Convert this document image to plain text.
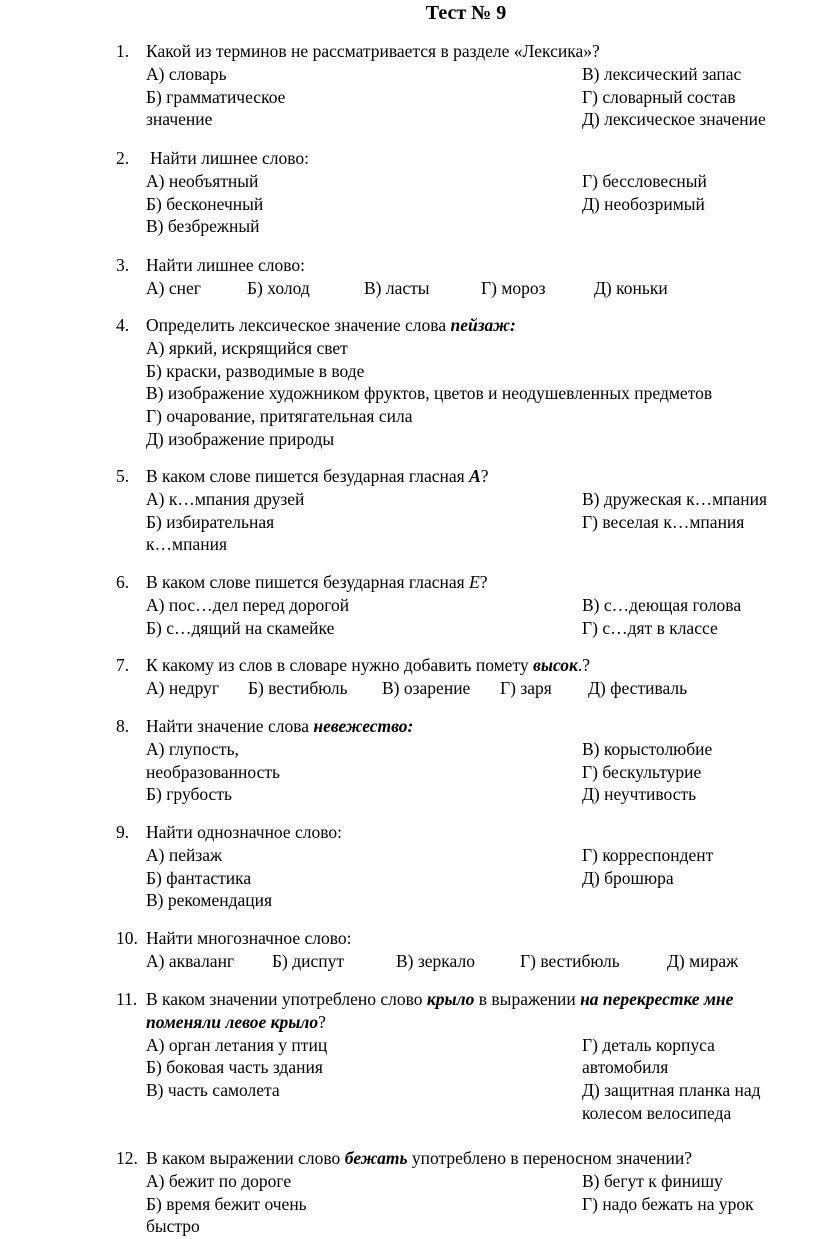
Тест № 9
1. Какой из терминов не рассматривается в разделе «Лексика»?
А) словарь	В) лексический запас
Б) грамматическое	Г) словарный состав
значение	Д) лексическое значение
2. Найти лишнее слово:
А) необъятный	Г) бессловесный
Б) бесконечный	Д) необозримый
В) безбрежный
3. Найти лишнее слово:
А) снег	Б) холод	В) ласты	Г) мороз	Д) коньки
4. Определить лексическое значение слова пейзаж:
А) яркий, искрящийся свет
Б) краски, разводимые в воде
В) изображение художником фруктов, цветов и неодушевленных предметов
Г) очарование, притягательная сила
Д) изображение природы
5. В каком слове пишется безударная гласная А?
А) к…мпания друзей	В) дружеская к…мпания
Б) избирательная	Г) веселая к…мпания
к…мпания
6. В каком слове пишется безударная гласная Е?
А) пос…дел перед дорогой	В) с…деющая голова
Б) с…дящий на скамейке	Г) с…дят в классе
7. К какому из слов в словаре нужно добавить помету высок.?
А) недруг Б) вестибюль В) озарение Г) заря Д) фестиваль
8. Найти значение слова невежество:
А) глупость,	В) корыстолюбие
необразованность	Г) бескультурие
Б) грубость	Д) неучтивость
9. Найти однозначное слово:
А) пейзаж	Г) корреспондент
Б) фантастика	Д) брошюра
В) рекомендация
10. Найти многозначное слово:
А) акваланг Б) диспут	В) зеркало	Г) вестибюль	Д) мираж
11. В каком значении употреблено слово крыло в выражении на перекрестке мне
поменяли левое крыло?
А) орган летания у птиц	Г) деталь корпуса
Б) боковая часть здания	автомобиля
В) часть самолета	Д) защитная планка над
колесом велосипеда
12. В каком выражении слово бежать употреблено в переносном значении?
А) бежит по дороге	В) бегут к финишу
Б) время бежит очень	Г) надо бежать на урок
быстро
